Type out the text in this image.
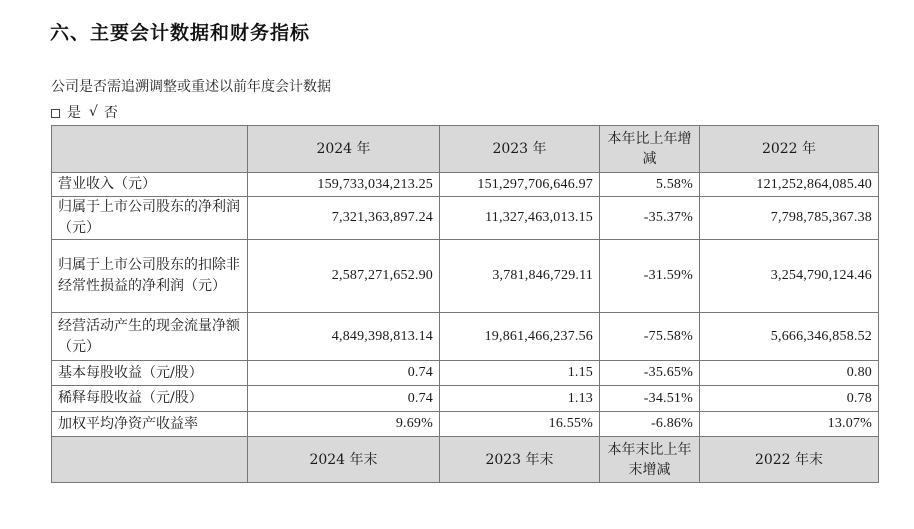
六、主要会计数据和财务指标
公司是否需追溯调整或重述以前年度会计数据
是 √ 否
	2024 年	2023 年	本年比上年增减	2022 年
营业收入（元）	159,733,034,213.25	151,297,706,646.97	5.58%	121,252,864,085.40
归属于上市公司股东的净利润（元）	7,321,363,897.24	11,327,463,013.15	-35.37%	7,798,785,367.38
归属于上市公司股东的扣除非经常性损益的净利润（元）	2,587,271,652.90	3,781,846,729.11	-31.59%	3,254,790,124.46
经营活动产生的现金流量净额（元）	4,849,398,813.14	19,861,466,237.56	-75.58%	5,666,346,858.52
基本每股收益（元/股）	0.74	1.15	-35.65%	0.80
稀释每股收益（元/股）	0.74	1.13	-34.51%	0.78
加权平均净资产收益率	9.69%	16.55%	-6.86%	13.07%
	2024 年末	2023 年末	本年末比上年末增减	2022 年末
